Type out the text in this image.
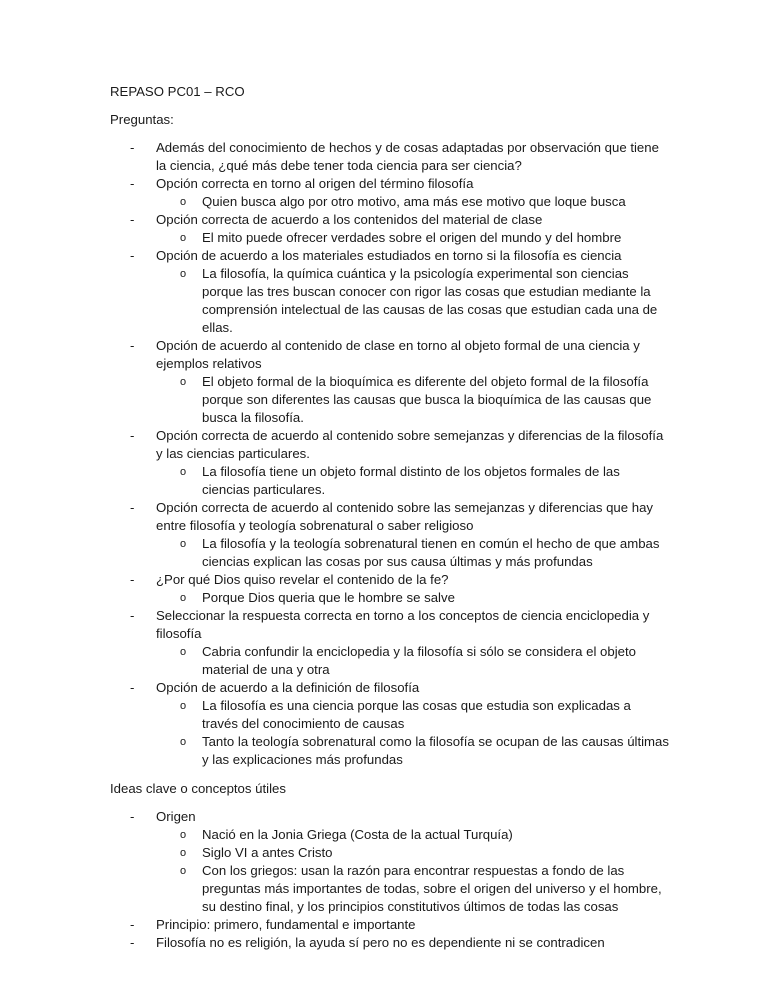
REPASO PC01 – RCO

Preguntas:

- Además del conocimiento de hechos y de cosas adaptadas por observación que tiene la ciencia, ¿qué más debe tener toda ciencia para ser ciencia?
- Opción correcta en torno al origen del término filosofía
o Quien busca algo por otro motivo, ama más ese motivo que loque busca
- Opción correcta de acuerdo a los contenidos del material de clase
o El mito puede ofrecer verdades sobre el origen del mundo y del hombre
- Opción de acuerdo a los materiales estudiados en torno si la filosofía es ciencia
o La filosofía, la química cuántica y la psicología experimental son ciencias porque las tres buscan conocer con rigor las cosas que estudian mediante la comprensión intelectual de las causas de las cosas que estudian cada una de ellas.
- Opción de acuerdo al contenido de clase en torno al objeto formal de una ciencia y ejemplos relativos
o El objeto formal de la bioquímica es diferente del objeto formal de la filosofía porque son diferentes las causas que busca la bioquímica de las causas que busca la filosofía.
- Opción correcta de acuerdo al contenido sobre semejanzas y diferencias de la filosofía y las ciencias particulares.
o La filosofía tiene un objeto formal distinto de los objetos formales de las ciencias particulares.
- Opción correcta de acuerdo al contenido sobre las semejanzas y diferencias que hay entre filosofía y teología sobrenatural o saber religioso
o La filosofía y la teología sobrenatural tienen en común el hecho de que ambas ciencias explican las cosas por sus causa últimas y más profundas
- ¿Por qué Dios quiso revelar el contenido de la fe?
o Porque Dios queria que le hombre se salve
- Seleccionar la respuesta correcta en torno a los conceptos de ciencia enciclopedia y filosofía
o Cabria confundir la enciclopedia y la filosofía si sólo se considera el objeto material de una y otra
- Opción de acuerdo a la definición de filosofía
o La filosofía es una ciencia porque las cosas que estudia son explicadas a través del conocimiento de causas
o Tanto la teología sobrenatural como la filosofía se ocupan de las causas últimas y las explicaciones más profundas

Ideas clave o conceptos útiles

- Origen
o Nació en la Jonia Griega (Costa de la actual Turquía)
o Siglo VI a antes Cristo
o Con los griegos: usan la razón para encontrar respuestas a fondo de las preguntas más importantes de todas, sobre el origen del universo y el hombre, su destino final, y los principios constitutivos últimos de todas las cosas
- Principio: primero, fundamental e importante
- Filosofía no es religión, la ayuda sí pero no es dependiente ni se contradicen
